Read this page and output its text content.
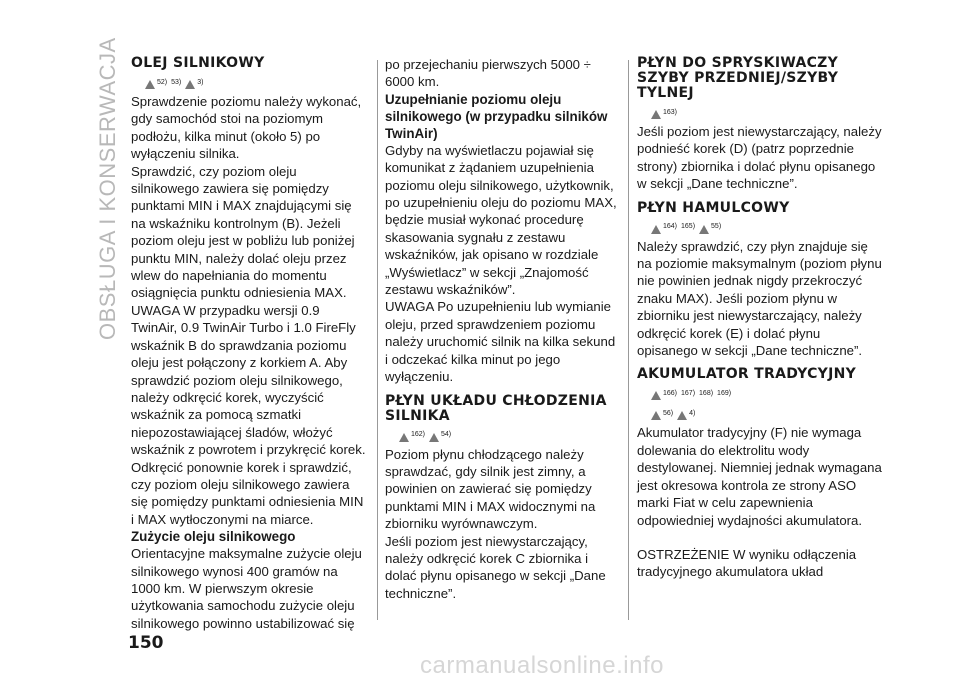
OBSŁUGA I KONSERWACJA OLEJ SILNIKOWY
52) 53) 3)

Sprawdzenie poziomu należy wykonać, gdy samochód stoi na poziomym podłożu, kilka minut (około 5) po wyłączeniu silnika.

Sprawdzić, czy poziom oleju silnikowego zawiera się pomiędzy punktami MIN i MAX znajdującymi się na wskaźniku kontrolnym (B). Jeżeli poziom oleju jest w pobliżu lub poniżej punktu MIN, należy dolać oleju przez wlew do napełniania do momentu osiągnięcia punktu odniesienia MAX.

UWAGA W przypadku wersji 0.9 TwinAir, 0.9 TwinAir Turbo i 1.0 FireFly wskaźnik B do sprawdzania poziomu oleju jest połączony z korkiem A. Aby sprawdzić poziom oleju silnikowego, należy odkręcić korek, wyczyścić wskaźnik za pomocą szmatki niepozostawiającej śladów, włożyć wskaźnik z powrotem i przykręcić korek. Odkręcić ponownie korek i sprawdzić, czy poziom oleju silnikowego zawiera się pomiędzy punktami odniesienia MIN i MAX wytłoczonymi na miarce.

Zużycie oleju silnikowego

Orientacyjne maksymalne zużycie oleju silnikowego wynosi 400 gramów na 1000 km. W pierwszym okresie użytkowania samochodu zużycie oleju silnikowego powinno ustabilizować się

po przejechaniu pierwszych 5000 ÷ 6000 km.

Uzupełnianie poziomu oleju silnikowego (w przypadku silników TwinAir)

Gdyby na wyświetlaczu pojawiał się komunikat z żądaniem uzupełnienia poziomu oleju silnikowego, użytkownik, po uzupełnieniu oleju do poziomu MAX, będzie musiał wykonać procedurę skasowania sygnału z zestawu wskaźników, jak opisano w rozdziale „Wyświetlacz” w sekcji „Znajomość zestawu wskaźników”.

UWAGA Po uzupełnieniu lub wymianie oleju, przed sprawdzeniem poziomu należy uruchomić silnik na kilka sekund i odczekać kilka minut po jego wyłączeniu.

PŁYN UKŁADU CHŁODZENIA SILNIKA
162) 54)

Poziom płynu chłodzącego należy sprawdzać, gdy silnik jest zimny, a powinien on zawierać się pomiędzy punktami MIN i MAX widocznymi na zbiorniku wyrównawczym.

Jeśli poziom jest niewystarczający, należy odkręcić korek C zbiornika i dolać płynu opisanego w sekcji „Dane techniczne”.

PŁYN DO SPRYSKIWACZY SZYBY PRZEDNIEJ/SZYBY TYLNEJ
163)

Jeśli poziom jest niewystarczający, należy podnieść korek (D) (patrz poprzednie strony) zbiornika i dolać płynu opisanego w sekcji „Dane techniczne”.

PŁYN HAMULCOWY
164) 165) 55)

Należy sprawdzić, czy płyn znajduje się na poziomie maksymalnym (poziom płynu nie powinien jednak nigdy przekroczyć znaku MAX). Jeśli poziom płynu w zbiorniku jest niewystarczający, należy odkręcić korek (E) i dolać płynu opisanego w sekcji „Dane techniczne”.

AKUMULATOR TRADYCYJNY
166) 167) 168) 169)
56) 4)

Akumulator tradycyjny (F) nie wymaga dolewania do elektrolitu wody destylowanej. Niemniej jednak wymagana jest okresowa kontrola ze strony ASO marki Fiat w celu zapewnienia odpowiedniej wydajności akumulatora.

OSTRZEŻENIE W wyniku odłączenia tradycyjnego akumulatora układ

150
carmanualsonline.info
